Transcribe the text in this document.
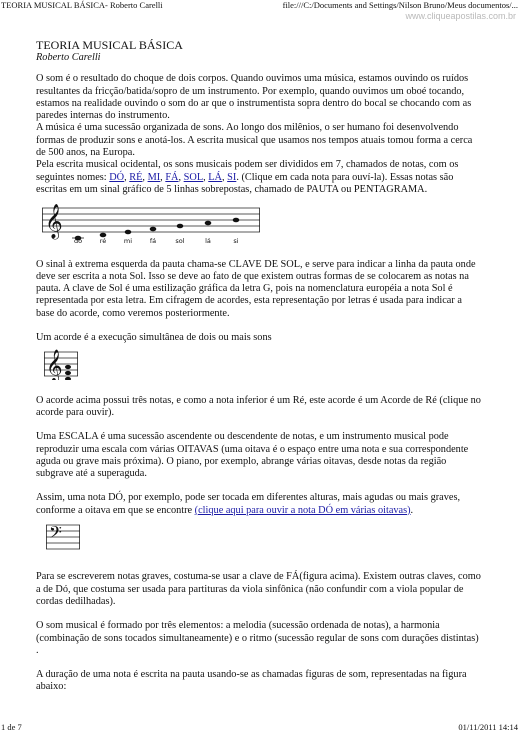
TEORIA MUSICAL BÁSICA- Roberto Carelli	file:///C:/Documents and Settings/Nilson Bruno/Meus documentos/...
www.cliqueapostilas.com.br
TEORIA MUSICAL BÁSICA
Roberto Carelli

O som é o resultado do choque de dois corpos. Quando ouvimos uma música, estamos ouvindo os ruídos resultantes da fricção/batida/sopro de um instrumento. Por exemplo, quando ouvimos um oboé tocando, estamos na realidade ouvindo o som do ar que o instrumentista sopra dentro do bocal se chocando com as paredes internas do instrumento.

A música é uma sucessão organizada de sons. Ao longo dos milênios, o ser humano foi desenvolvendo formas de produzir sons e anotá-los. A escrita musical que usamos nos tempos atuais tomou forma a cerca de 500 anos, na Europa.

Pela escrita musical ocidental, os sons musicais podem ser divididos em 7, chamados de notas, com os seguintes nomes: DÓ, RÉ, MI, FÁ, SOL, LÁ, SI. (Clique em cada nota para ouví-la). Essas notas são escritas em um sinal gráfico de 5 linhas sobrepostas, chamado de PAUTA ou PENTAGRAMA.

𝄞
dó	ré	mi	fá	sol	lá	si

O sinal à extrema esquerda da pauta chama-se CLAVE DE SOL, e serve para indicar a linha da pauta onde deve ser escrita a nota Sol. Isso se deve ao fato de que existem outras formas de se colocarem as notas na pauta. A clave de Sol é uma estilização gráfica da letra G, pois na nomenclatura européia a nota Sol é representada por esta letra. Em cifragem de acordes, esta representação por letras é usada para indicar a base do acorde, como veremos posteriormente.

Um acorde é a execução simultânea de dois ou mais sons

𝄞

O acorde acima possui três notas, e como a nota inferior é um Ré, este acorde é um Acorde de Ré (clique no acorde para ouvir).

Uma ESCALA é uma sucessão ascendente ou descendente de notas, e um instrumento musical pode reproduzir uma escala com várias OITAVAS (uma oitava é o espaço entre uma nota e sua correspondente aguda ou grave mais próxima). O piano, por exemplo, abrange várias oitavas, desde notas da região subgrave até a superaguda.

Assim, uma nota DÓ, por exemplo, pode ser tocada em diferentes alturas, mais agudas ou mais graves, conforme a oitava em que se encontre (clique aqui para ouvir a nota DÓ em várias oitavas).

𝄢

Para se escreverem notas graves, costuma-se usar a clave de FÁ(figura acima). Existem outras claves, como a de Dó, que costuma ser usada para partituras da viola sinfônica (não confundir com a viola popular de cordas dedilhadas).

O som musical é formado por três elementos: a melodia (sucessão ordenada de notas), a harmonia (combinação de sons tocados simultaneamente) e o ritmo (sucessão regular de sons com durações distintas) .

A duração de uma nota é escrita na pauta usando-se as chamadas figuras de som, representadas na figura abaixo:

1 de 7	01/11/2011 14:14
